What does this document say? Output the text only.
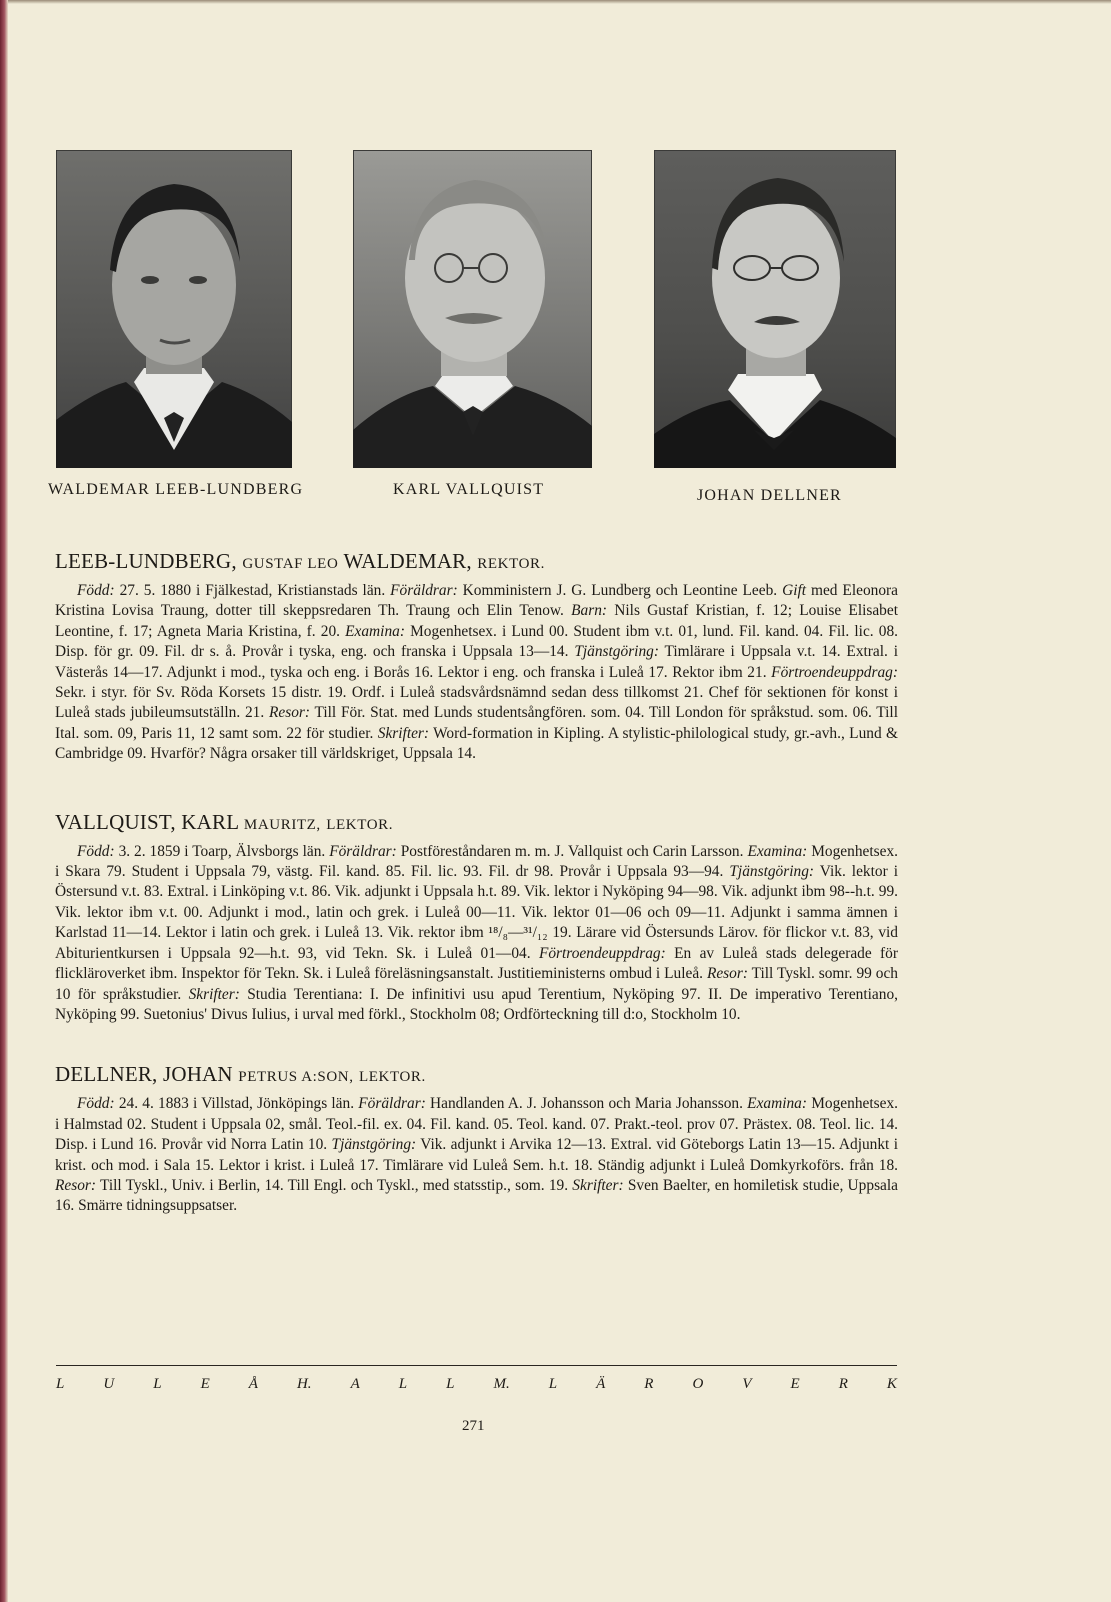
WALDEMAR LEEB-LUNDBERG	KARL VALLQUIST	JOHAN DELLNER
LEEB-LUNDBERG, GUSTAF LEO WALDEMAR, REKTOR.

Född: 27. 5. 1880 i Fjälkestad, Kristianstads län. Föräldrar: Komministern J. G. Lundberg och Leontine Leeb. Gift med Eleonora Kristina Lovisa Traung, dotter till skeppsredaren Th. Traung och Elin Tenow. Barn: Nils Gustaf Kristian, f. 12; Louise Elisabet Leontine, f. 17; Agneta Maria Kristina, f. 20. Examina: Mogenhetsex. i Lund 00. Student ibm v.t. 01, lund. Fil. kand. 04. Fil. lic. 08. Disp. för gr. 09. Fil. dr s. å. Provår i tyska, eng. och franska i Uppsala 13—14. Tjänstgöring: Timlärare i Uppsala v.t. 14. Extral. i Västerås 14—17. Adjunkt i mod., tyska och eng. i Borås 16. Lektor i eng. och franska i Luleå 17. Rektor ibm 21. Förtroendeuppdrag: Sekr. i styr. för Sv. Röda Korsets 15 distr. 19. Ordf. i Luleå stadsvårdsnämnd sedan dess tillkomst 21. Chef för sektionen för konst i Luleå stads jubileumsutställn. 21. Resor: Till För. Stat. med Lunds studentsångfören. som. 04. Till London för språkstud. som. 06. Till Ital. som. 09, Paris 11, 12 samt som. 22 för studier. Skrifter: Word-formation in Kipling. A stylistic-philological study, gr.-avh., Lund & Cambridge 09. Hvarför? Några orsaker till världskriget, Uppsala 14.

VALLQUIST, KARL MAURITZ, LEKTOR.

Född: 3. 2. 1859 i Toarp, Älvsborgs län. Föräldrar: Postföreståndaren m. m. J. Vallquist och Carin Larsson. Examina: Mogenhetsex. i Skara 79. Student i Uppsala 79, västg. Fil. kand. 85. Fil. lic. 93. Fil. dr 98. Provår i Uppsala 93—94. Tjänstgöring: Vik. lektor i Östersund v.t. 83. Extral. i Linköping v.t. 86. Vik. adjunkt i Uppsala h.t. 89. Vik. lektor i Nyköping 94—98. Vik. adjunkt ibm 98--h.t. 99. Vik. lektor ibm v.t. 00. Adjunkt i mod., latin och grek. i Luleå 00—11. Vik. lektor 01—06 och 09—11. Adjunkt i samma ämnen i Karlstad 11—14. Lektor i latin och grek. i Luleå 13. Vik. rektor ibm ¹⁸/₈—³¹/₁₂ 19. Lärare vid Östersunds Lärov. för flickor v.t. 83, vid Abiturientkursen i Uppsala 92—h.t. 93, vid Tekn. Sk. i Luleå 01—04. Förtroendeuppdrag: En av Luleå stads delegerade för flickläroverket ibm. Inspektor för Tekn. Sk. i Luleå föreläsningsanstalt. Justitieministerns ombud i Luleå. Resor: Till Tyskl. somr. 99 och 10 för språkstudier. Skrifter: Studia Terentiana: I. De infinitivi usu apud Terentium, Nyköping 97. II. De imperativo Terentiano, Nyköping 99. Suetonius' Divus Iulius, i urval med förkl., Stockholm 08; Ordförteckning till d:o, Stockholm 10.

DELLNER, JOHAN PETRUS A:SON, LEKTOR.

Född: 24. 4. 1883 i Villstad, Jönköpings län. Föräldrar: Handlanden A. J. Johansson och Maria Johansson. Examina: Mogenhetsex. i Halmstad 02. Student i Uppsala 02, smål. Teol.-fil. ex. 04. Fil. kand. 05. Teol. kand. 07. Prakt.-teol. prov 07. Prästex. 08. Teol. lic. 14. Disp. i Lund 16. Provår vid Norra Latin 10. Tjänstgöring: Vik. adjunkt i Arvika 12—13. Extral. vid Göteborgs Latin 13—15. Adjunkt i krist. och mod. i Sala 15. Lektor i krist. i Luleå 17. Timlärare vid Luleå Sem. h.t. 18. Ständig adjunkt i Luleå Domkyrkoförs. från 18. Resor: Till Tyskl., Univ. i Berlin, 14. Till Engl. och Tyskl., med statsstip., som. 19. Skrifter: Sven Baelter, en homiletisk studie, Uppsala 16. Smärre tidningsuppsatser.

L	U	L	E	Å	H.	A	L	L	M.	L	Ä	R	O	V	E	R	K
271
